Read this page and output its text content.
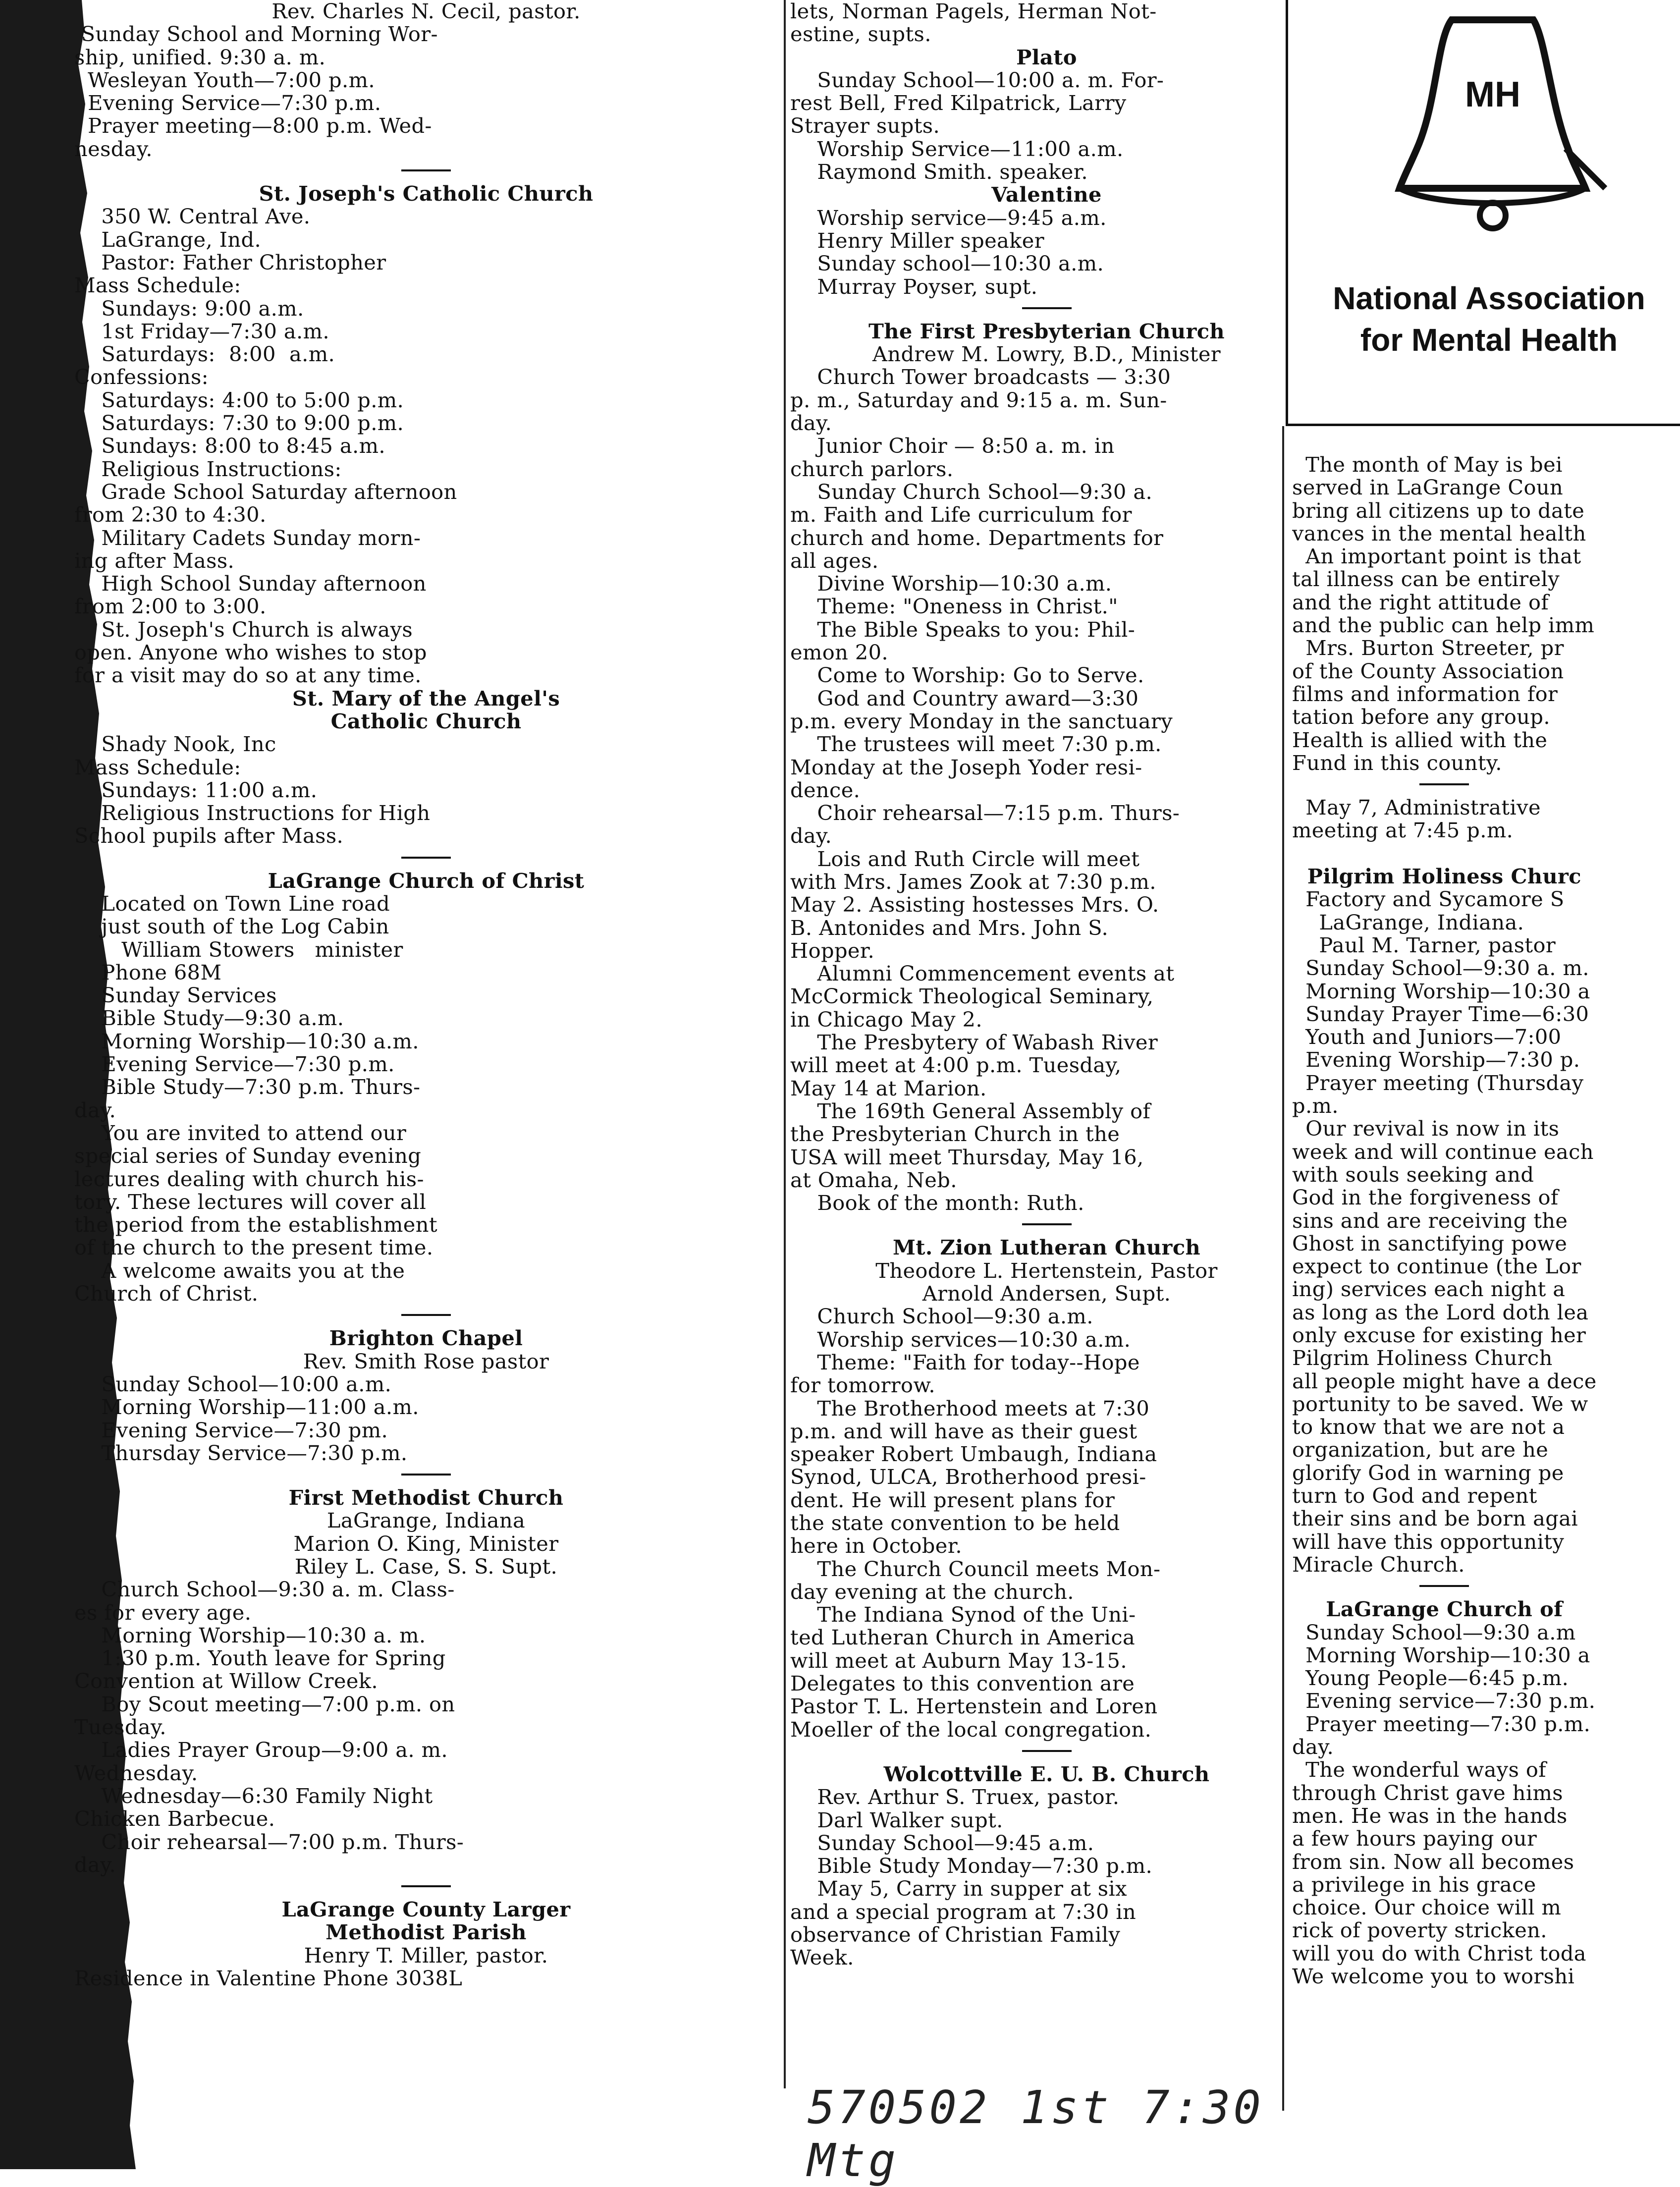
Rev. Charles N. Cecil, pastor.
Sunday School and Morning Wor-
ship, unified. 9:30 a. m.
Wesleyan Youth—7:00 p.m.
Evening Service—7:30 p.m.
Prayer meeting—8:00 p.m. Wed-
nesday.
St. Joseph's Catholic Church
350 W. Central Ave.
LaGrange, Ind.
Pastor: Father Christopher
Mass Schedule:
Sundays: 9:00 a.m.
1st Friday—7:30 a.m.
Saturdays:  8:00  a.m.
Confessions:
Saturdays: 4:00 to 5:00 p.m.
Saturdays: 7:30 to 9:00 p.m.
Sundays: 8:00 to 8:45 a.m.
Religious Instructions:
Grade School Saturday afternoon
from 2:30 to 4:30.
Military Cadets Sunday morn-
ing after Mass.
High School Sunday afternoon
from 2:00 to 3:00.
St. Joseph's Church is always
open. Anyone who wishes to stop
for a visit may do so at any time.
St. Mary of the Angel's
Catholic Church
Shady Nook, Inc
Mass Schedule:
Sundays: 11:00 a.m.
Religious Instructions for High
School pupils after Mass.
LaGrange Church of Christ
Located on Town Line road
just south of the Log Cabin
William Stowers   minister
Phone 68M
Sunday Services
Bible Study—9:30 a.m.
Morning Worship—10:30 a.m.
Evening Service—7:30 p.m.
Bible Study—7:30 p.m. Thurs-
day.
You are invited to attend our
special series of Sunday evening
lectures dealing with church his-
tory. These lectures will cover all
the period from the establishment
of the church to the present time.
A welcome awaits you at the
Church of Christ.
Brighton Chapel
Rev. Smith Rose pastor
Sunday School—10:00 a.m.
Morning Worship—11:00 a.m.
Evening Service—7:30 pm.
Thursday Service—7:30 p.m.
First Methodist Church
LaGrange, Indiana
Marion O. King, Minister
Riley L. Case, S. S. Supt.
Church School—9:30 a. m. Class-
es for every age.
Morning Worship—10:30 a. m.
1:30 p.m. Youth leave for Spring
Convention at Willow Creek.
Boy Scout meeting—7:00 p.m. on
Tuesday.
Ladies Prayer Group—9:00 a. m.
Wednesday.
Wednesday—6:30 Family Night
Chicken Barbecue.
Choir rehearsal—7:00 p.m. Thurs-
day.
LaGrange County Larger
Methodist Parish
Henry T. Miller, pastor.
Residence in Valentine Phone 3038L
lets, Norman Pagels, Herman Not-
estine, supts.
Plato
Sunday School—10:00 a. m. For-
rest Bell, Fred Kilpatrick, Larry
Strayer supts.
Worship Service—11:00 a.m.
Raymond Smith. speaker.
Valentine
Worship service—9:45 a.m.
Henry Miller speaker
Sunday school—10:30 a.m.
Murray Poyser, supt.
The First Presbyterian Church
Andrew M. Lowry, B.D., Minister
Church Tower broadcasts — 3:30
p. m., Saturday and 9:15 a. m. Sun-
day.
Junior Choir — 8:50 a. m. in
church parlors.
Sunday Church School—9:30 a.
m. Faith and Life curriculum for
church and home. Departments for
all ages.
Divine Worship—10:30 a.m.
Theme: "Oneness in Christ."
The Bible Speaks to you: Phil-
emon 20.
Come to Worship: Go to Serve.
God and Country award—3:30
p.m. every Monday in the sanctuary
The trustees will meet 7:30 p.m.
Monday at the Joseph Yoder resi-
dence.
Choir rehearsal—7:15 p.m. Thurs-
day.
Lois and Ruth Circle will meet
with Mrs. James Zook at 7:30 p.m.
May 2. Assisting hostesses Mrs. O.
B. Antonides and Mrs. John S.
Hopper.
Alumni Commencement events at
McCormick Theological Seminary,
in Chicago May 2.
The Presbytery of Wabash River
will meet at 4:00 p.m. Tuesday,
May 14 at Marion.
The 169th General Assembly of
the Presbyterian Church in the
USA will meet Thursday, May 16,
at Omaha, Neb.
Book of the month: Ruth.
Mt. Zion Lutheran Church
Theodore L. Hertenstein, Pastor
Arnold Andersen, Supt.
Church School—9:30 a.m.
Worship services—10:30 a.m.
Theme: "Faith for today--Hope
for tomorrow.
The Brotherhood meets at 7:30
p.m. and will have as their guest
speaker Robert Umbaugh, Indiana
Synod, ULCA, Brotherhood presi-
dent. He will present plans for
the state convention to be held
here in October.
The Church Council meets Mon-
day evening at the church.
The Indiana Synod of the Uni-
ted Lutheran Church in America
will meet at Auburn May 13-15.
Delegates to this convention are
Pastor T. L. Hertenstein and Loren
Moeller of the local congregation.
Wolcottville E. U. B. Church
Rev. Arthur S. Truex, pastor.
Darl Walker supt.
Sunday School—9:45 a.m.
Bible Study Monday—7:30 p.m.
May 5, Carry in supper at six
and a special program at 7:30 in
observance of Christian Family
Week.
MH
National Association
for Mental Health
The month of May is bei
served in LaGrange Coun
bring all citizens up to date
vances in the mental health
An important point is that
tal illness can be entirely
and the right attitude of
and the public can help imm
Mrs. Burton Streeter, pr
of the County Association
films and information for
tation before any group.
Health is allied with the
Fund in this county.
May 7, Administrative
meeting at 7:45 p.m.

Pilgrim Holiness Churc
Factory and Sycamore S
LaGrange, Indiana.
Paul M. Tarner, pastor
Sunday School—9:30 a. m.
Morning Worship—10:30 a
Sunday Prayer Time—6:30
Youth and Juniors—7:00
Evening Worship—7:30 p.
Prayer meeting (Thursday
p.m.
Our revival is now in its
week and will continue each
with souls seeking and
God in the forgiveness of
sins and are receiving the
Ghost in sanctifying powe
expect to continue (the Lor
ing) services each night a
as long as the Lord doth lea
only excuse for existing her
Pilgrim Holiness Church
all people might have a dece
portunity to be saved. We w
to know that we are not a
organization, but are he
glorify God in warning pe
turn to God and repent
their sins and be born agai
will have this opportunity
Miracle Church.
LaGrange Church of
Sunday School—9:30 a.m
Morning Worship—10:30 a
Young People—6:45 p.m.
Evening service—7:30 p.m.
Prayer meeting—7:30 p.m.
day.
The wonderful ways of
through Christ gave hims
men. He was in the hands
a few hours paying our
from sin. Now all becomes
a privilege in his grace
choice. Our choice will m
rick of poverty stricken.
will you do with Christ toda
We welcome you to worshi
570502 1st 7:30 Mtg
